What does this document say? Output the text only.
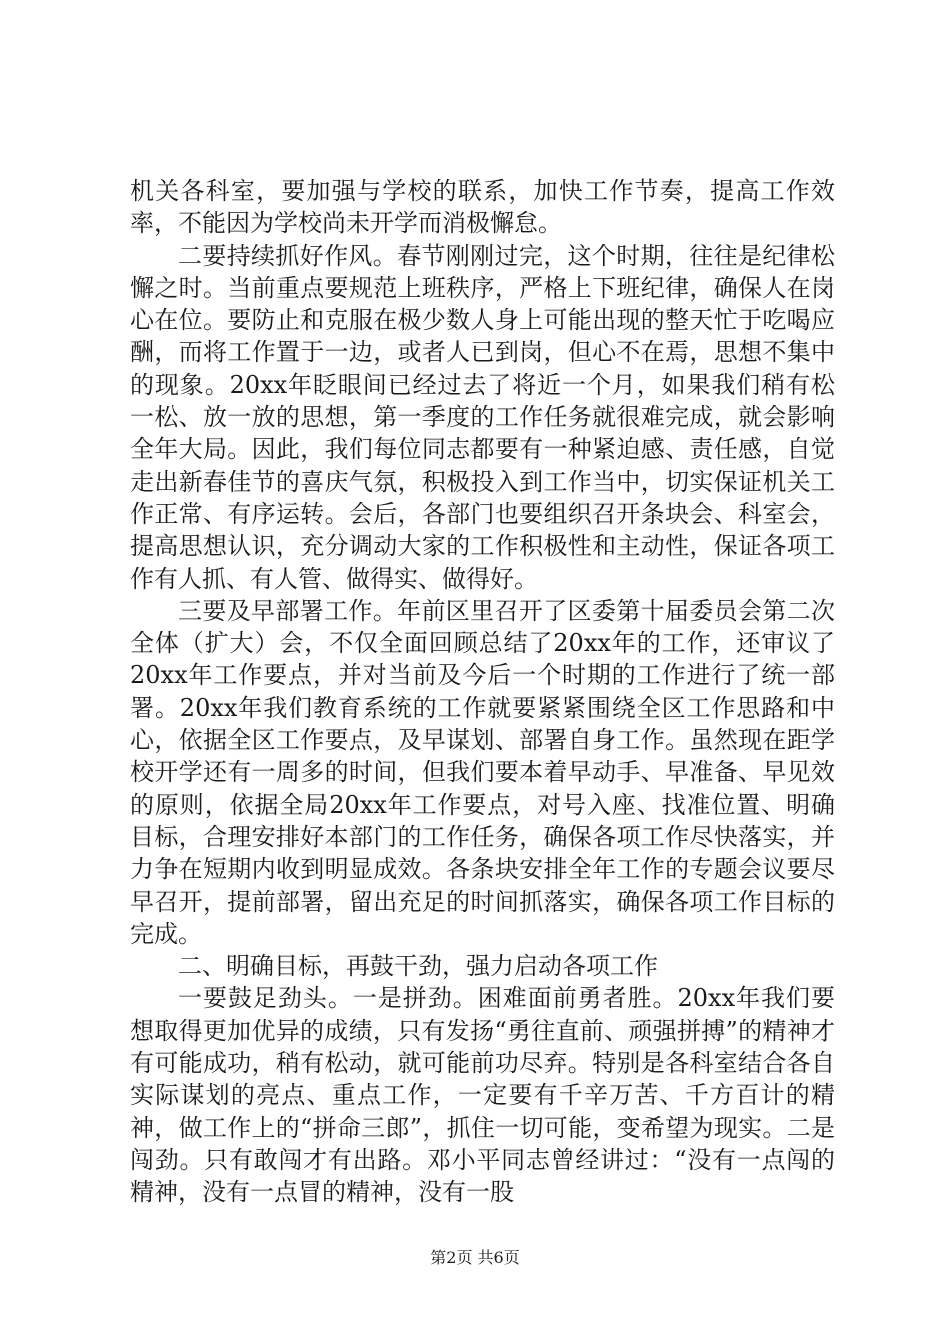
机关各科室，要加强与学校的联系，加快工作节奏，提高工作效率，不能因为学校尚未开学而消极懈怠。

二要持续抓好作风。春节刚刚过完，这个时期，往往是纪律松懈之时。当前重点要规范上班秩序，严格上下班纪律，确保人在岗心在位。要防止和克服在极少数人身上可能出现的整天忙于吃喝应酬，而将工作置于一边，或者人已到岗，但心不在焉，思想不集中的现象。20xx年眨眼间已经过去了将近一个月，如果我们稍有松一松、放一放的思想，第一季度的工作任务就很难完成，就会影响全年大局。因此，我们每位同志都要有一种紧迫感、责任感，自觉走出新春佳节的喜庆气氛，积极投入到工作当中，切实保证机关工作正常、有序运转。会后，各部门也要组织召开条块会、科室会，提高思想认识，充分调动大家的工作积极性和主动性，保证各项工作有人抓、有人管、做得实、做得好。

三要及早部署工作。年前区里召开了区委第十届委员会第二次全体（扩大）会，不仅全面回顾总结了20xx年的工作，还审议了20xx年工作要点，并对当前及今后一个时期的工作进行了统一部署。20xx年我们教育系统的工作就要紧紧围绕全区工作思路和中心，依据全区工作要点，及早谋划、部署自身工作。虽然现在距学校开学还有一周多的时间，但我们要本着早动手、早准备、早见效的原则，依据全局20xx年工作要点，对号入座、找准位置、明确目标，合理安排好本部门的工作任务，确保各项工作尽快落实，并力争在短期内收到明显成效。各条块安排全年工作的专题会议要尽早召开，提前部署，留出充足的时间抓落实，确保各项工作目标的完成。

二、明确目标，再鼓干劲，强力启动各项工作

一要鼓足劲头。一是拼劲。困难面前勇者胜。20xx年我们要想取得更加优异的成绩，只有发扬“勇往直前、顽强拼搏”的精神才有可能成功，稍有松动，就可能前功尽弃。特别是各科室结合各自实际谋划的亮点、重点工作，一定要有千辛万苦、千方百计的精神，做工作上的“拼命三郎”，抓住一切可能，变希望为现实。二是闯劲。只有敢闯才有出路。邓小平同志曾经讲过：“没有一点闯的精神，没有一点冒的精神，没有一股

第2页 共6页
